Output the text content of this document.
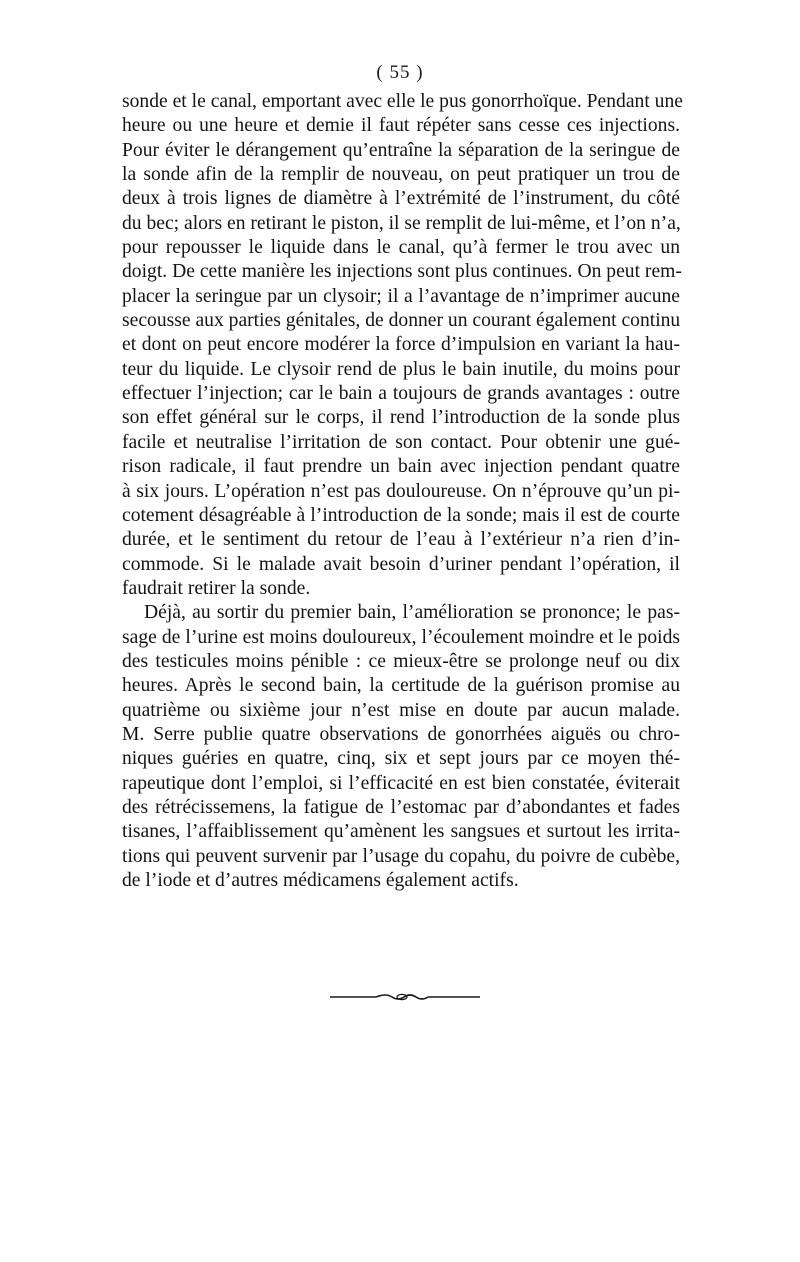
( 55 )

sonde et le canal, emportant avec elle le pus gonorrhoïque. Pendant une
heure ou une heure et demie il faut répéter sans cesse ces injections.
Pour éviter le dérangement qu’entraîne la séparation de la seringue de
la sonde afin de la remplir de nouveau, on peut pratiquer un trou de
deux à trois lignes de diamètre à l’extrémité de l’instrument, du côté
du bec; alors en retirant le piston, il se remplit de lui-même, et l’on n’a,
pour repousser le liquide dans le canal, qu’à fermer le trou avec un
doigt. De cette manière les injections sont plus continues. On peut rem-
placer la seringue par un clysoir; il a l’avantage de n’imprimer aucune
secousse aux parties génitales, de donner un courant également continu
et dont on peut encore modérer la force d’impulsion en variant la hau-
teur du liquide. Le clysoir rend de plus le bain inutile, du moins pour
effectuer l’injection; car le bain a toujours de grands avantages : outre
son effet général sur le corps, il rend l’introduction de la sonde plus
facile et neutralise l’irritation de son contact. Pour obtenir une gué-
rison radicale, il faut prendre un bain avec injection pendant quatre
à six jours. L’opération n’est pas douloureuse. On n’éprouve qu’un pi-
cotement désagréable à l’introduction de la sonde; mais il est de courte
durée, et le sentiment du retour de l’eau à l’extérieur n’a rien d’in-
commode. Si le malade avait besoin d’uriner pendant l’opération, il
faudrait retirer la sonde.

Déjà, au sortir du premier bain, l’amélioration se prononce; le pas-
sage de l’urine est moins douloureux, l’écoulement moindre et le poids
des testicules moins pénible : ce mieux-être se prolonge neuf ou dix
heures. Après le second bain, la certitude de la guérison promise au
quatrième ou sixième jour n’est mise en doute par aucun malade.
M. Serre publie quatre observations de gonorrhées aiguës ou chro-
niques guéries en quatre, cinq, six et sept jours par ce moyen thé-
rapeutique dont l’emploi, si l’efficacité en est bien constatée, éviterait
des rétrécissemens, la fatigue de l’estomac par d’abondantes et fades
tisanes, l’affaiblissement qu’amènent les sangsues et surtout les irrita-
tions qui peuvent survenir par l’usage du copahu, du poivre de cubèbe,
de l’iode et d’autres médicamens également actifs.
